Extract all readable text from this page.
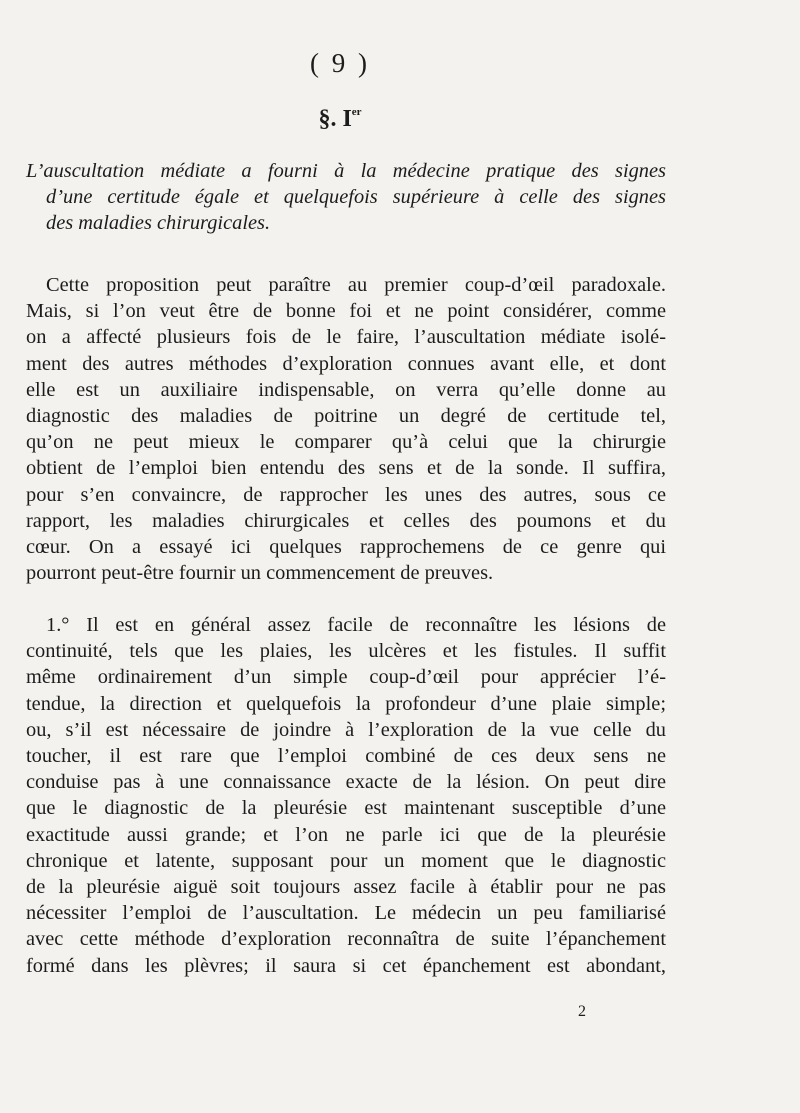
( 9 )
§. Ier
L’auscultation médiate a fourni à la médecine pratique des signes
d’une certitude égale et quelquefois supérieure à celle des signes
des maladies chirurgicales.
Cette proposition peut paraître au premier coup-d’œil paradoxale.
Mais, si l’on veut être de bonne foi et ne point considérer, comme
on a affecté plusieurs fois de le faire, l’auscultation médiate isolé-
ment des autres méthodes d’exploration connues avant elle, et dont
elle est un auxiliaire indispensable, on verra qu’elle donne au
diagnostic des maladies de poitrine un degré de certitude tel,
qu’on ne peut mieux le comparer qu’à celui que la chirurgie
obtient de l’emploi bien entendu des sens et de la sonde. Il suffira,
pour s’en convaincre, de rapprocher les unes des autres, sous ce
rapport, les maladies chirurgicales et celles des poumons et du
cœur. On a essayé ici quelques rapprochemens de ce genre qui
pourront peut-être fournir un commencement de preuves.
1.° Il est en général assez facile de reconnaître les lésions de
continuité, tels que les plaies, les ulcères et les fistules. Il suffit
même ordinairement d’un simple coup-d’œil pour apprécier l’é-
tendue, la direction et quelquefois la profondeur d’une plaie simple;
ou, s’il est nécessaire de joindre à l’exploration de la vue celle du
toucher, il est rare que l’emploi combiné de ces deux sens ne
conduise pas à une connaissance exacte de la lésion. On peut dire
que le diagnostic de la pleurésie est maintenant susceptible d’une
exactitude aussi grande; et l’on ne parle ici que de la pleurésie
chronique et latente, supposant pour un moment que le diagnostic
de la pleurésie aiguë soit toujours assez facile à établir pour ne pas
nécessiter l’emploi de l’auscultation. Le médecin un peu familiarisé
avec cette méthode d’exploration reconnaîtra de suite l’épanchement
formé dans les plèvres; il saura si cet épanchement est abondant,
2
